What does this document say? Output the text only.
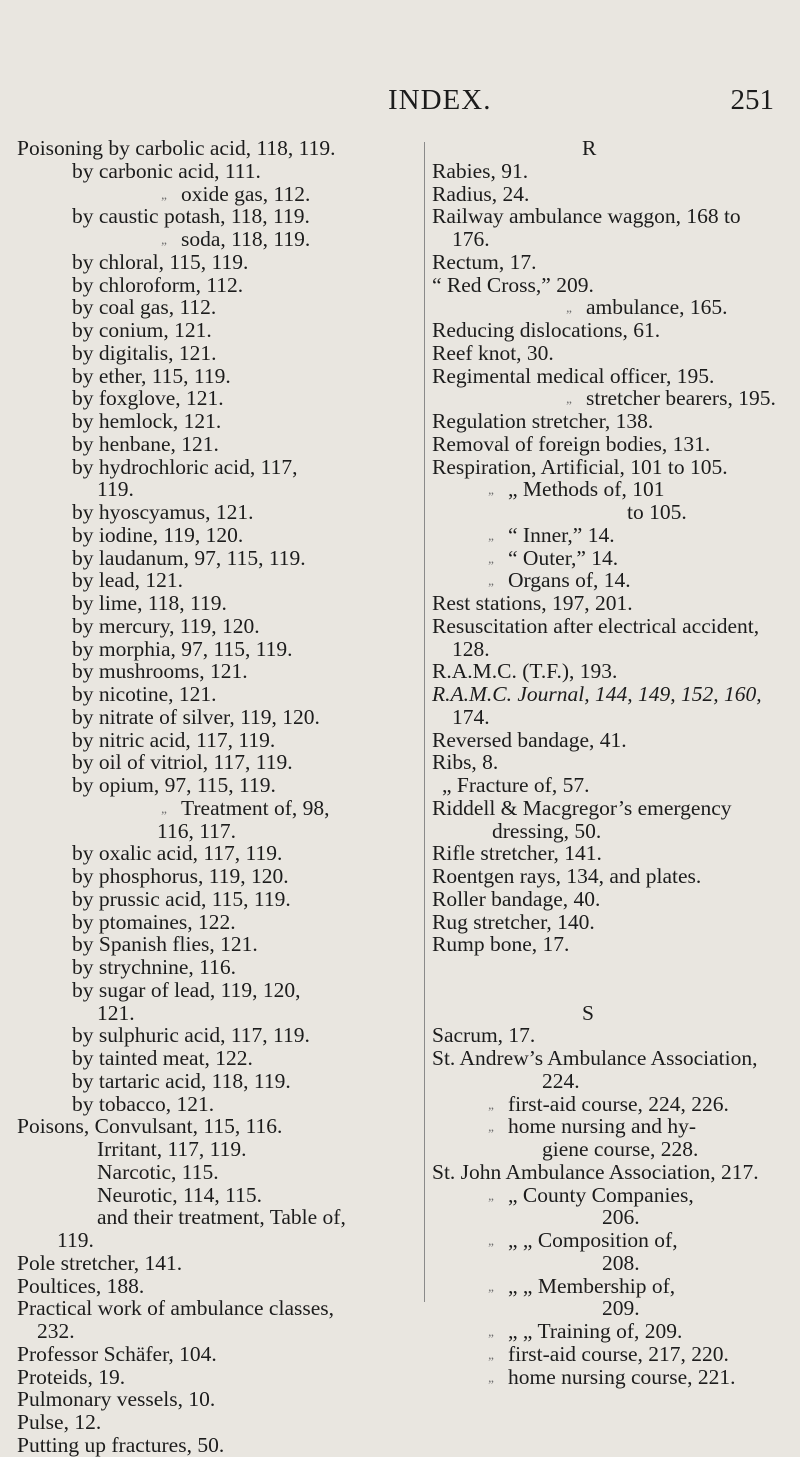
INDEX.	251
Poisoning by carbolic acid, 118, 119.
by carbonic acid, 111.
„ oxide gas, 112.
by caustic potash, 118, 119.
„ soda, 118, 119.
by chloral, 115, 119.
by chloroform, 112.
by coal gas, 112.
by conium, 121.
by digitalis, 121.
by ether, 115, 119.
by foxglove, 121.
by hemlock, 121.
by henbane, 121.
by hydrochloric acid, 117,
119.
by hyoscyamus, 121.
by iodine, 119, 120.
by laudanum, 97, 115, 119.
by lead, 121.
by lime, 118, 119.
by mercury, 119, 120.
by morphia, 97, 115, 119.
by mushrooms, 121.
by nicotine, 121.
by nitrate of silver, 119, 120.
by nitric acid, 117, 119.
by oil of vitriol, 117, 119.
by opium, 97, 115, 119.
„ Treatment of, 98,
116, 117.
by oxalic acid, 117, 119.
by phosphorus, 119, 120.
by prussic acid, 115, 119.
by ptomaines, 122.
by Spanish flies, 121.
by strychnine, 116.
by sugar of lead, 119, 120,
121.
by sulphuric acid, 117, 119.
by tainted meat, 122.
by tartaric acid, 118, 119.
by tobacco, 121.
Poisons, Convulsant, 115, 116.
Irritant, 117, 119.
Narcotic, 115.
Neurotic, 114, 115.
and their treatment, Table of,
119.
Pole stretcher, 141.
Poultices, 188.
Practical work of ambulance classes,
232.
Professor Schäfer, 104.
Proteids, 19.
Pulmonary vessels, 10.
Pulse, 12.
Putting up fractures, 50.
R
Rabies, 91.
Radius, 24.
Railway ambulance waggon, 168 to
176.
Rectum, 17.
“ Red Cross,” 209.
„ ambulance, 165.
Reducing dislocations, 61.
Reef knot, 30.
Regimental medical officer, 195.
„ stretcher bearers, 195.
Regulation stretcher, 138.
Removal of foreign bodies, 131.
Respiration, Artificial, 101 to 105.
„ „ Methods of, 101
to 105.
„ “ Inner,” 14.
„ “ Outer,” 14.
„ Organs of, 14.
Rest stations, 197, 201.
Resuscitation after electrical accident,
128.
R.A.M.C. (T.F.), 193.
R.A.M.C. Journal, 144, 149, 152, 160,
174.
Reversed bandage, 41.
Ribs, 8.
„ Fracture of, 57.
Riddell & Macgregor’s emergency
dressing, 50.
Rifle stretcher, 141.
Roentgen rays, 134, and plates.
Roller bandage, 40.
Rug stretcher, 140.
Rump bone, 17.
S
Sacrum, 17.
St. Andrew’s Ambulance Association,
224.
„ first-aid course, 224, 226.
„ home nursing and hy-
giene course, 228.
St. John Ambulance Association, 217.
„ „ County Companies,
206.
„ „ „ Composition of,
208.
„ „ „ Membership of,
209.
„ „ „ Training of, 209.
„ first-aid course, 217, 220.
„ home nursing course, 221.
